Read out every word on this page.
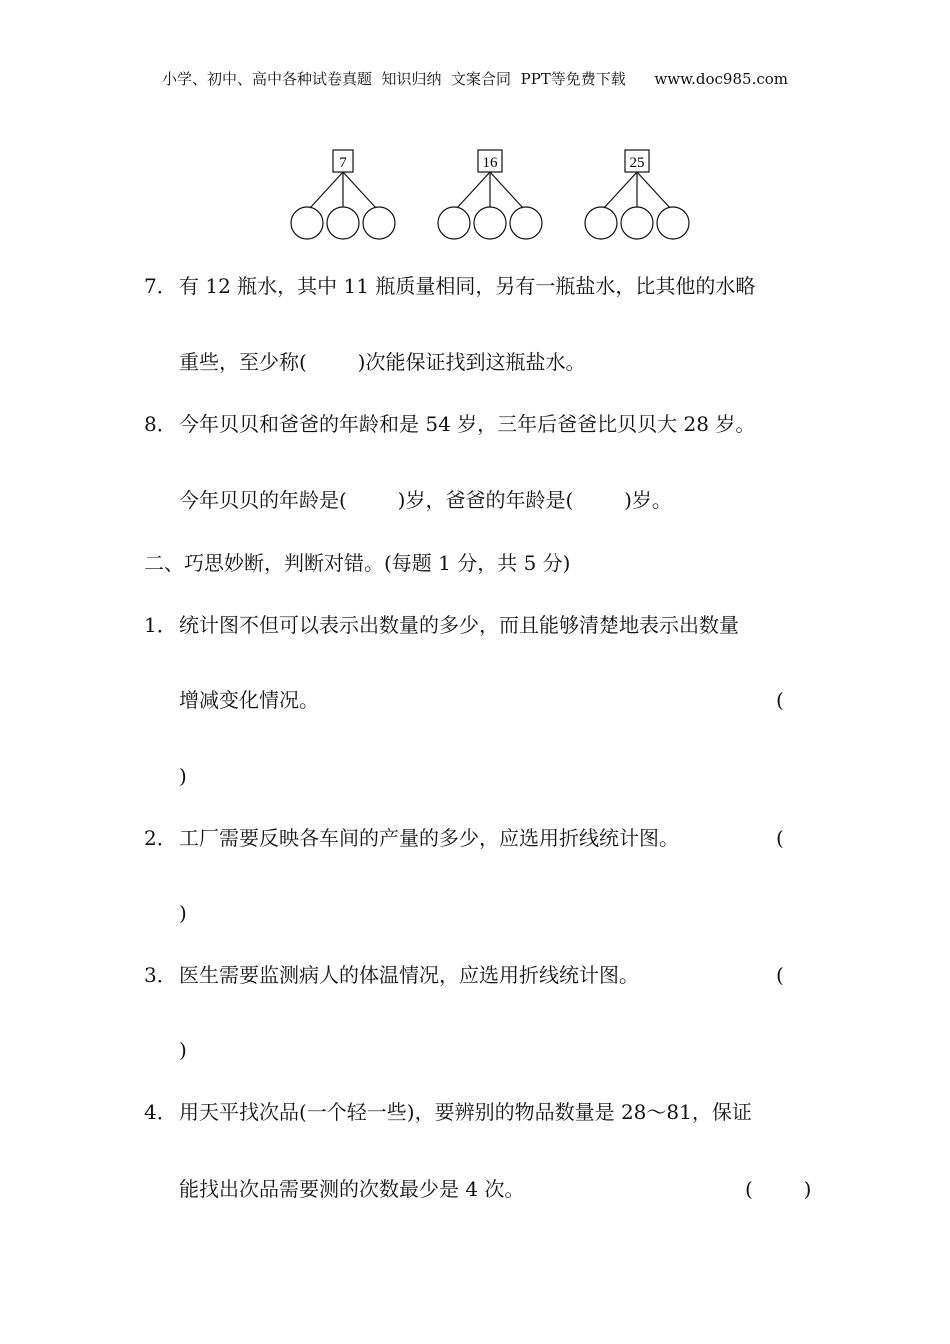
小学、初中、高中各种试卷真题  知识归纳  文案合同  PPT等免费下载      www.doc985.com
7	16	25
7． 有 12 瓶水，其中 11 瓶质量相同，另有一瓶盐水，比其他的水略
重些，至少称(        )次能保证找到这瓶盐水。
8． 今年贝贝和爸爸的年龄和是 54 岁，三年后爸爸比贝贝大 28 岁。
今年贝贝的年龄是(        )岁，爸爸的年龄是(        )岁。
二、巧思妙断，判断对错。(每题 1 分，共 5 分)
1． 统计图不但可以表示出数量的多少，而且能够清楚地表示出数量
增减变化情况。	(
)
2． 工厂需要反映各车间的产量的多少，应选用折线统计图。	(
)
3． 医生需要监测病人的体温情况，应选用折线统计图。	(
)
4． 用天平找次品(一个轻一些)，要辨别的物品数量是 28～81，保证
能找出次品需要测的次数最少是 4 次。	(        )
